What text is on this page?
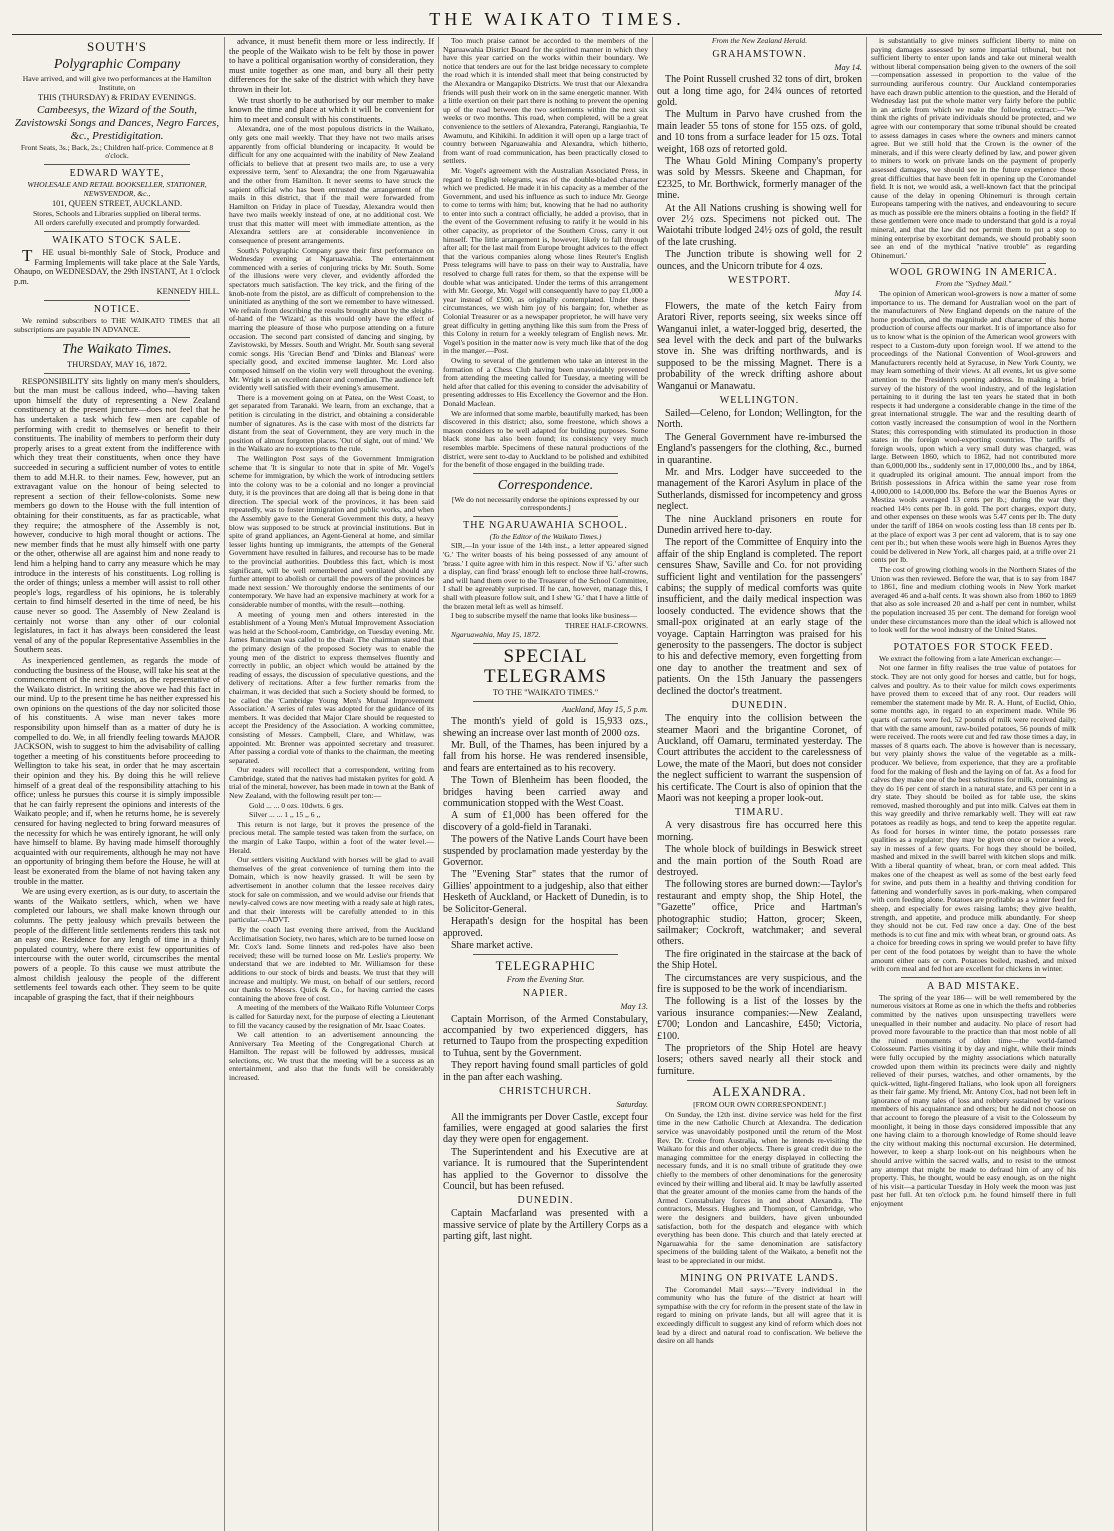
THE WAIKATO TIMES.
SOUTH'S
Polygraphic Company

Have arrived, and will give two performances at the Hamilton Institute, on

THIS (THURSDAY) & FRIDAY EVENINGS.

Cambeesys, the Wizard of the South, Zavistowski Songs and Dances, Negro Farces, &c., Prestidigitation.

Front Seats, 3s.; Back, 2s.; Children half-price. Commence at 8 o'clock.

EDWARD WAYTE,

WHOLESALE AND RETAIL BOOKSELLER, STATIONER, NEWSVENDOR, &c.,

101, QUEEN STREET, AUCKLAND.

Stores, Schools and Libraries supplied on liberal terms.

All orders carefully executed and promptly forwarded.

WAIKATO STOCK SALE.

THE usual bi-monthly Sale of Stock, Produce and Farming Implements will take place at the Sale Yards, Ohaupo, on WEDNESDAY, the 29th INSTANT, At 1 o'clock p.m.

KENNEDY HILL.

NOTICE.

We remind subscribers to THE WAIKATO TIMES that all subscriptions are payable IN ADVANCE.

The Waikato Times.

THURSDAY, MAY 16, 1872.

RESPONSIBILITY sits lightly on many men's shoulders, but the man must be callous indeed, who—having taken upon himself the duty of representing a New Zealand constituency at the present juncture—does not feel that he has undertaken a task which few men are capable of performing with credit to themselves or benefit to their constituents. The inability of members to perform their duty properly arises to a great extent from the indifference with which they treat their constituents, when once they have succeeded in securing a sufficient number of votes to entitle them to add M.H.R. to their names. Few, however, put an extravagant value on the honour of being selected to represent a section of their fellow-colonists. Some new members go down to the House with the full intention of obtaining for their constituents, as far as practicable, what they require; the atmosphere of the Assembly is not, however, conducive to high moral thought or actions. The new member finds that he must ally himself with one party or the other, otherwise all are against him and none ready to lend him a helping hand to carry any measure which he may introduce in the interests of his constituents. Log rolling is the order of things; unless a member will assist to roll other people's logs, regardless of his opinions, he is tolerably certain to find himself deserted in the time of need, be his cause never so good. The Assembly of New Zealand is certainly not worse than any other of our colonial legislatures, in fact it has always been considered the least venal of any of the popular Representative Assemblies in the Southern seas.

As inexperienced gentlemen, as regards the mode of conducting the business of the House, will take his seat at the commencement of the next session, as the representative of the Waikato district. In writing the above we had this fact in our mind. Up to the present time he has neither expressed his own opinions on the questions of the day nor solicited those of his constituents. A wise man never takes more responsibility upon himself than as a matter of duty he is compelled to do. We, in all friendly feeling towards MAJOR JACKSON, wish to suggest to him the advisability of calling together a meeting of his constituents before proceeding to Wellington to take his seat, in order that he may ascertain their opinion and they his. By doing this he will relieve himself of a great deal of the responsibility attaching to his office; unless he pursues this course it is simply impossible that he can fairly represent the opinions and interests of the Waikato people; and if, when he returns home, he is severely censured for having neglected to bring forward measures of the necessity for which he was entirely ignorant, he will only have himself to blame. By having made himself thoroughly acquainted with our requirements, although he may not have an opportunity of bringing them before the House, he will at least be exonerated from the blame of not having taken any trouble in the matter.

We are using every exertion, as is our duty, to ascertain the wants of the Waikato settlers, which, when we have completed our labours, we shall make known through our columns. The petty jealousy which prevails between the people of the different little settlements renders this task not an easy one. Residence for any length of time in a thinly populated country, where there exist few opportunities of intercourse with the outer world, circumscribes the mental powers of a people. To this cause we must attribute the almost childish jealousy the people of the different settlements feel towards each other. They seem to be quite incapable of grasping the fact, that if their neighbours

advance, it must benefit them more or less indirectly. If the people of the Waikato wish to be felt by those in power to have a political organisation worthy of consideration, they must unite together as one man, and bury all their petty differences for the sake of the district with which they have thrown in their lot.

We trust shortly to be authorised by our member to make known the time and place at which it will be convenient for him to meet and consult with his constituents.

Alexandra, one of the most populous districts in the Waikato, only gets one mail weekly. That they have not two mails arises apparently from official blundering or incapacity. It would be difficult for any one acquainted with the inability of New Zealand officials to believe that at present two mails are, to use a very expressive term, 'sent' to Alexandra; the one from Ngaruawahia and the other from Hamilton. It never seems to have struck the sapient official who has been entrusted the arrangement of the mails in this district, that if the mail were forwarded from Hamilton on Friday in place of Tuesday, Alexandra would then have two mails weekly instead of one, at no additional cost. We trust that this matter will meet with immediate attention, as the Alexandra settlers are at considerable inconvenience in consequence of present arrangements.

South's Polygraphic Company gave their first performance on Wednesday evening at Ngaruawahia. The entertainment commenced with a series of conjuring tricks by Mr. South. Some of the illusions were very clever, and evidently afforded the spectators much satisfaction. The key trick, and the firing of the knob-note from the pistol, are as difficult of comprehension to the uninitiated as anything of the sort we remember to have witnessed. We refrain from describing the results brought about by the sleight-of-hand of the 'Wizard,' as this would only have the effect of marring the pleasure of those who purpose attending on a future occasion. The second part consisted of dancing and singing, by Zavistowski, by Messrs. South and Wright. Mr. South sang several comic songs. His 'Grecian Bend' and 'Dinks and Blaneas' were specially good, and excited immense laughter. Mr. Lord also composed himself on the violin very well throughout the evening. Mr. Wright is an excellent dancer and comedian. The audience left evidently well satisfied with their evening's amusement.

There is a movement going on at Patea, on the West Coast, to get separated from Taranaki. We learn, from an exchange, that a petition is circulating in the district, and obtaining a considerable number of signatures. As is the case with most of the districts far distant from the seat of Government, they are very much in the position of almost forgotten places. 'Out of sight, out of mind.' We in the Waikato are no exceptions to the rule.

The Wellington Post says of the Government Immigration scheme that 'It is singular to note that in spite of Mr. Vogel's scheme for immigration, by which the work of introducing settlers into the colony was to be a colonial and no longer a provincial duty, it is the provinces that are doing all that is being done in that direction. The special work of the provinces, it has been said repeatedly, was to foster immigration and public works, and when the Assembly gave to the General Government this duty, a heavy blow was supposed to be struck at provincial institutions. But in spite of grand appliances, an Agent-General at home, and similar lesser lights hunting up immigrants, the attempts of the General Government have resulted in failures, and recourse has to be made to the provincial authorities. Doubtless this fact, which is most significant, will be well remembered and ventilated should any further attempt to abolish or curtail the powers of the provinces be made next session.' We thoroughly endorse the sentiments of our contemporary. We have had an expensive machinery at work for a considerable number of months, with the result—nothing.

A meeting of young men and others interested in the establishment of a Young Men's Mutual Improvement Association was held at the School-room, Cambridge, on Tuesday evening. Mr. James Runciman was called to the chair. The chairman stated that the primary design of the proposed Society was to enable the young men of the district to express themselves fluently and correctly in public, an object which would be attained by the reading of essays, the discussion of speculative questions, and the delivery of recitations. After a few further remarks from the chairman, it was decided that such a Society should be formed, to be called the 'Cambridge Young Men's Mutual Improvement Association.' A series of rules was adopted for the guidance of its members. It was decided that Major Clare should be requested to accept the Presidency of the Association. A working committee, consisting of Messrs. Campbell, Clare, and Whitlaw, was appointed. Mr. Brenner was appointed secretary and treasurer. After passing a cordial vote of thanks to the chairman, the meeting separated.

Our readers will recollect that a correspondent, writing from Cambridge, stated that the natives had mistaken pyrites for gold. A trial of the mineral, however, has been made in town at the Bank of New Zealand, with the following result per ton:—

Gold ... ... 0 ozs. 10dwts. 6 grs.

Silver ... ... 1 ,, 15 ,, 6 ,,

This return is not large, but it proves the presence of the precious metal. The sample tested was taken from the surface, on the margin of Lake Taupo, within a foot of the water level.—Herald.

Our settlers visiting Auckland with horses will be glad to avail themselves of the great convenience of turning them into the Domain, which is now heavily grassed. It will be seen by advertisement in another column that the lessee receives dairy stock for sale on commission, and we would advise our friends that newly-calved cows are now meeting with a ready sale at high rates, and that their interests will be carefully attended to in this particular.—ADVT.

By the coach last evening there arrived, from the Auckland Acclimatisation Society, two hares, which are to be turned loose on Mr. Cox's land. Some linnets and red-poles have also been received; these will be turned loose on Mr. Leslie's property. We understand that we are indebted to Mr. Williamson for these additions to our stock of birds and beasts. We trust that they will increase and multiply. We must, on behalf of our settlers, record our thanks to Messrs. Quick & Co., for having carried the cases containing the above free of cost.

A meeting of the members of the Waikato Rifle Volunteer Corps is called for Saturday next, for the purpose of electing a Lieutenant to fill the vacancy caused by the resignation of Mr. Isaac Coates.

We call attention to an advertisement announcing the Anniversary Tea Meeting of the Congregational Church at Hamilton. The repast will be followed by addresses, musical selections, etc. We trust that the meeting will be a success as an entertainment, and also that the funds will be considerably increased.

Too much praise cannot be accorded to the members of the Ngaruawahia District Board for the spirited manner in which they have this year carried on the works within their boundary. We notice that tenders are out for the last bridge necessary to complete the road which it is intended shall meet that being constructed by the Alexandra or Mangapiko Districts. We trust that our Alexandra friends will push their work on in the same energetic manner. With a little exertion on their part there is nothing to prevent the opening up of the road between the two settlements within the next six weeks or two months. This road, when completed, will be a great convenience to the settlers of Alexandra, Paterangi, Rangiaohia, Te Awamutu, and Kihikihi. In addition it will open up a large tract of country between Ngaruawahia and Alexandra, which hitherto, from want of road communication, has been practically closed to settlers.

Mr. Vogel's agreement with the Australian Associated Press, in regard to English telegrams, was of the double-bladed character which we predicted. He made it in his capacity as a member of the Government, and used his influence as such to induce Mr. George to come to terms with him; but, knowing that he had no authority to enter into such a contract officially, he added a proviso, that in the event of the Government refusing to ratify it he would in his other capacity, as proprietor of the Southern Cross, carry it out himself. The little arrangement is, however, likely to fall through after all; for the last mail from Europe brought advices to the effect that the various companies along whose lines Reuter's English Press telegrams will have to pass on their way to Australia, have resolved to charge full rates for them, so that the expense will be double what was anticipated. Under the terms of this arrangement with Mr. George, Mr. Vogel will consequently have to pay £1,000 a year instead of £500, as originally contemplated. Under these circumstances, we wish him joy of his bargain; for, whether as Colonial Treasurer or as a newspaper proprietor, he will have very great difficulty in getting anything like this sum from the Press of this Colony in return for a weekly telegram of English news. Mr. Vogel's position in the matter now is very much like that of the dog in the manger.—Post.

Owing to several of the gentlemen who take an interest in the formation of a Chess Club having been unavoidably prevented from attending the meeting called for Tuesday, a meeting will be held after that called for this evening to consider the advisability of presenting addresses to His Excellency the Governor and the Hon. Donald Maclean.

We are informed that some marble, beautifully marked, has been discovered in this district; also, some freestone, which shows a mason considers to be well adapted for building purposes. Some black stone has also been found; its consistency very much resembles marble. Specimens of these natural productions of the district, were sent to-day to Auckland to be polished and exhibited for the benefit of those engaged in the building trade.

Correspondence.

[We do not necessarily endorse the opinions expressed by our correspondents.]

THE NGARUAWAHIA SCHOOL.

(To the Editor of the Waikato Times.)

SIR,—In your issue of the 14th inst., a letter appeared signed 'G.' The writer boasts of his being possessed of any amount of 'brass.' I quite agree with him in this respect. Now if 'G.' after such a display, can find 'brass' enough left to enclose three half-crowns, and will hand them over to the Treasurer of the School Committee, I shall be agreeably surprised. If he can, however, manage this, I shall with pleasure follow suit, and I shew 'G.' that I have a little of the brazen metal left as well as himself.

I beg to subscribe myself the name that looks like business—

THREE HALF-CROWNS.

Ngaruawahia, May 15, 1872.

SPECIAL TELEGRAMS

TO THE "WAIKATO TIMES."

Auckland, May 15, 5 p.m.

The month's yield of gold is 15,933 ozs., shewing an increase over last month of 2000 ozs.

Mr. Bull, of the Thames, has been injured by a fall from his horse. He was rendered insensible, and fears are entertained as to his recovery.

The Town of Blenheim has been flooded, the bridges having been carried away and communication stopped with the West Coast.

A sum of £1,000 has been offered for the discovery of a gold-field in Taranaki.

The powers of the Native Lands Court have been suspended by proclamation made yesterday by the Governor.

The "Evening Star" states that the rumor of Gillies' appointment to a judgeship, also that either Hesketh of Auckland, or Hackett of Dunedin, is to be Solicitor-General.

Herapath's design for the hospital has been approved.

Share market active.

TELEGRAPHIC

From the Evening Star.

NAPIER.

May 13.

Captain Morrison, of the Armed Constabulary, accompanied by two experienced diggers, has returned to Taupo from the prospecting expedition to Tuhua, sent by the Government.

They report having found small particles of gold in the pan after each washing.

CHRISTCHURCH.

Saturday.

All the immigrants per Dover Castle, except four families, were engaged at good salaries the first day they were open for engagement.

The Superintendent and his Executive are at variance. It is rumoured that the Superintendent has applied to the Governor to dissolve the Council, but has been refused.

DUNEDIN.

Captain Macfarland was presented with a massive service of plate by the Artillery Corps as a parting gift, last night.

From the New Zealand Herald.

GRAHAMSTOWN.

May 14.

The Point Russell crushed 32 tons of dirt, broken out a long time ago, for 24¾ ounces of retorted gold.

The Multum in Parvo have crushed from the main leader 55 tons of stone for 155 ozs. of gold, and 10 tons from a surface leader for 15 ozs. Total weight, 168 ozs of retorted gold.

The Whau Gold Mining Company's property was sold by Messrs. Skeene and Chapman, for £2325, to Mr. Borthwick, formerly manager of the mine.

At the All Nations crushing is showing well for over 2½ ozs. Specimens not picked out. The Waiotahi tribute lodged 24½ ozs of gold, the result of the late crushing.

The Junction tribute is showing well for 2 ounces, and the Unicorn tribute for 4 ozs.

WESTPORT.

May 14.

Flowers, the mate of the ketch Fairy from Aratori River, reports seeing, six weeks since off Wanganui inlet, a water-logged brig, deserted, the sea level with the deck and part of the bulwarks stove in. She was drifting northwards, and is supposed to be the missing Magnet. There is a probability of the wreck drifting ashore about Wanganui or Manawatu.

WELLINGTON.

Sailed—Celeno, for London; Wellington, for the North.

The General Government have re-imbursed the England's passengers for the clothing, &c., burned in quarantine.

Mr. and Mrs. Lodger have succeeded to the management of the Karori Asylum in place of the Sutherlands, dismissed for incompetency and gross neglect.

The nine Auckland prisoners en route for Dunedin arrived here to-day.

The report of the Committee of Enquiry into the affair of the ship England is completed. The report censures Shaw, Saville and Co. for not providing sufficient light and ventilation for the passengers' cabins; the supply of medical comforts was quite insufficient, and the daily medical inspection was loosely conducted. The evidence shows that the small-pox originated at an early stage of the voyage. Captain Harrington was praised for his generosity to the passengers. The doctor is subject to his and defective memory, even forgetting from one day to another the treatment and sex of patients. On the 15th January the passengers declined the doctor's treatment.

DUNEDIN.

The enquiry into the collision between the steamer Maori and the brigantine Coronet, of Auckland, off Oamaru, terminated yesterday. The Court attributes the accident to the carelessness of Lowe, the mate of the Maori, but does not consider the neglect sufficient to warrant the suspension of his certificate. The Court is also of opinion that the Maori was not keeping a proper look-out.

TIMARU.

A very disastrous fire has occurred here this morning.

The whole block of buildings in Beswick street and the main portion of the South Road are destroyed.

The following stores are burned down:—Taylor's restaurant and empty shop, the Ship Hotel, the "Gazette" office, Price and Hartman's photographic studio; Hatton, grocer; Skeen, sailmaker; Cockroft, watchmaker; and several others.

The fire originated in the staircase at the back of the Ship Hotel.

The circumstances are very suspicious, and the fire is supposed to be the work of incendiarism.

The following is a list of the losses by the various insurance companies:—New Zealand, £700; London and Lancashire, £450; Victoria, £100.

The proprietors of the Ship Hotel are heavy losers; others saved nearly all their stock and furniture.

ALEXANDRA.

[FROM OUR OWN CORRESPONDENT.]

On Sunday, the 12th inst. divine service was held for the first time in the new Catholic Church at Alexandra. The dedication service was unavoidably postponed until the return of the Most Rev. Dr. Croke from Australia, when he intends re-visiting the Waikato for this and other objects. There is great credit due to the managing committee for the energy displayed in collecting the necessary funds, and it is no small tribute of gratitude they owe chiefly to the members of other denominations for the generosity evinced by their willing and liberal aid. It may be lawfully asserted that the greater amount of the monies came from the hands of the Armed Constabulary forces in and about Alexandra. The contractors, Messrs. Hughes and Thompson, of Cambridge, who were the designers and builders, have given unbounded satisfaction, both for the despatch and elegance with which everything has been done. This church and that lately erected at Ngaruawahia for the same denomination are satisfactory specimens of the building talent of the Waikato, a benefit not the least to be appreciated in our midst.

MINING ON PRIVATE LANDS.

The Coromandel Mail says:—"Every individual in the community who has the future of the district at heart will sympathise with the cry for reform in the present state of the law in regard to mining on private lands, but all will agree that it is exceedingly difficult to suggest any kind of reform which does not lead by a direct and natural road to confiscation. We believe the desire on all hands

is substantially to give miners sufficient liberty to mine on paying damages assessed by some impartial tribunal, but not sufficient liberty to enter upon lands and take out mineral wealth without liberal compensation being given to the owners of the soil—compensation assessed in proportion to the value of the surrounding auriferous country. Our Auckland contemporaries have each drawn public attention to the question, and the Herald of Wednesday last put the whole matter very fairly before the public in an article from which we make the following extract:—'We think the rights of private individuals should be protected, and we agree with our contemporary that some tribunal should be created to assess damages in cases where the owners and miners cannot agree. But we still hold that the Crown is the owner of the minerals, and if this were clearly defined by law, and power given to miners to work on private lands on the payment of properly assessed damages, we should see in the future experience those great difficulties that have been felt in opening up the Coromandel field. It is not, we would ask, a well-known fact that the principal cause of the delay in opening Ohinemuri is through certain Europeans tampering with the natives, and endeavouring to secure as much as possible ere the miners obtains a footing in the field? If these gentlemen were once made to understand that gold is a royal mineral, and that the law did not permit them to put a stop to mining enterprise by exorbitant demands, we should probably soon see an end of the mythical "native trouble" as regarding Ohinemuri.'

WOOL GROWING IN AMERICA.

From the "Sydney Mail."

The opinion of American wool-growers is now a matter of some importance to us. The demand for Australian wool on the part of the manufacturers of New England depends on the nature of the home production, and the magnitude and character of this home production of course affects our market. It is of importance also for us to know what is the opinion of the American wool growers with respect to a Custom-duty upon foreign wool. If we attend to the proceedings of the National Convention of Wool-growers and Manufacturers recently held at Syracuse, in New York County, we may learn something of their views. At all events, let us give some attention to the President's opening address. In making a brief survey of the history of the wool industry, and of the legislation pertaining to it during the last ten years he stated that in both respects it had undergone a considerable change in the time of the great international struggle. The war and the resulting dearth of cotton vastly increased the consumption of wool in the Northern States; this corresponding with stimulated its production in those states in the foreign wool-exporting countries. The tariffs of foreign wools, upon which a very small duty was charged, was large. Between 1860, which to 1862, had not contributed more than 6,000,000 lbs., suddenly sent in 17,000,000 lbs., and by 1864, it quadrupled its original amount. The annual import from the British possessions in Africa within the same year rose from 4,000,000 to 14,000,000 lbs. Before the war the Buenos Ayres or Mestiza wools averaged 13 cents per lb.; during the war they reached 14½ cents per lb. in gold. The port charges, export duty, and other expenses on these wools was 5.47 cents per lb. The duty under the tariff of 1864 on wools costing less than 18 cents per lb. at the place of export was 3 per cent ad valorem, that is to say one cent per lb.; but when these wools were high in Buenos Ayres they could be delivered in New York, all charges paid, at a trifle over 21 cents per lb.

The cost of growing clothing wools in the Northern States of the Union was then reviewed. Before the war, that is to say from 1847 to 1861, fine and medium clothing wools in New York market averaged 46 and a-half cents. It was shown also from 1860 to 1869 that also as sole increased 20 and a-half per cent in number, whilst the population increased 35 per cent. The demand for foreign wool under these circumstances more than the ideal which is allowed not to look well for the wool industry of the United States.

POTATOES FOR STOCK FEED.

We extract the following from a late American exchange:—

Not one farmer in fifty realises the true value of potatoes for stock. They are not only good for horses and cattle, but for hogs, calves and poultry. As to their value for milch cows experiments have proved them to exceed that of any root. Our readers will remember the statement made by Mr. R. A. Hunt, of Euclid, Ohio, some months ago, in regard to an experiment made. While 96 quarts of carrots were fed, 52 pounds of milk were received daily; that with the same amount, raw-boiled potatoes, 56 pounds of milk were received. The roots were cut and fed raw those times a day, in masses of 8 quarts each. The above is however than is necessary, but very plainly shows the value of the vegetable as a milk-producer. We believe, from experience, that they are a profitable food for the making of flesh and the laying on of fat. As a food for calves they make one of the best substitutes for milk, containing as they do 16 per cent of starch in a natural state, and 63 per cent in a dry state. They should be boiled as for table use, the skins removed, mashed thoroughly and put into milk. Calves eat them in this way greedily and thrive remarkably well. They will eat raw potatoes as readily as hogs, and tend to keep the appetite regular. As food for horses in winter time, the potato possesses rare qualities as a regulator; they may be given once or twice a week, say in messes of a few quarts. For hogs they should be boiled, mashed and mixed in the swill barrel with kitchen slops and milk. With a liberal quantity of wheat, bran, or corn meal added. This makes one of the cheapest as well as some of the best early feed for swine, and puts them in a healthy and thriving condition for fattening and wonderfully saves in pork-making, when compared with corn feeding alone. Potatoes are profitable as a winter feed for sheep, and especially for ewes raising lambs; they give health, strength, and appetite, and produce milk abundantly. For sheep they should not be cut. Fed raw once a day. One of the best methods is to cut fine and mix with wheat bran, or ground oats. As a choice for breeding cows in spring we would prefer to have fifty per cent of the food potatoes by weight than to have the whole amount either oats or corn. Potatoes boiled, mashed, and mixed with corn meal and fed hot are excellent for chickens in winter.

A BAD MISTAKE.

The spring of the year 186— will be well remembered by the numerous visitors at Rome as one in which the thefts and robberies committed by the natives upon unsuspecting travellers were unequalled in their number and audacity. No place of resort had proved more favourable to the practice than that most noble of all the ruined monuments of olden time—the world-famed Colosseum. Parties visiting it by day and night, while their minds were fully occupied by the mighty associations which naturally crowded upon them within its precincts were daily and nightly relieved of their purses, watches, and other ornaments, by the quick-witted, light-fingered Italians, who look upon all foreigners as their fair game. My friend, Mr. Antony Cox, had not been left in ignorance of many tales of loss and robbery sustained by various members of his acquaintance and others; but he did not choose on that account to forego the pleasure of a visit to the Colosseum by moonlight, it being in those days considered impossible that any one having claim to a thorough knowledge of Rome should leave the city without making this nocturnal excursion. He determined, however, to keep a sharp look-out on his neighbours when he should arrive within the sacred walls, and to resist to the utmost any attempt that might be made to defraud him of any of his property. This, he thought, would be easy enough, as on the night of his visit—a particular Tuesday in Holy week the moon was just past her full. At ten o'clock p.m. he found himself there in full enjoyment
